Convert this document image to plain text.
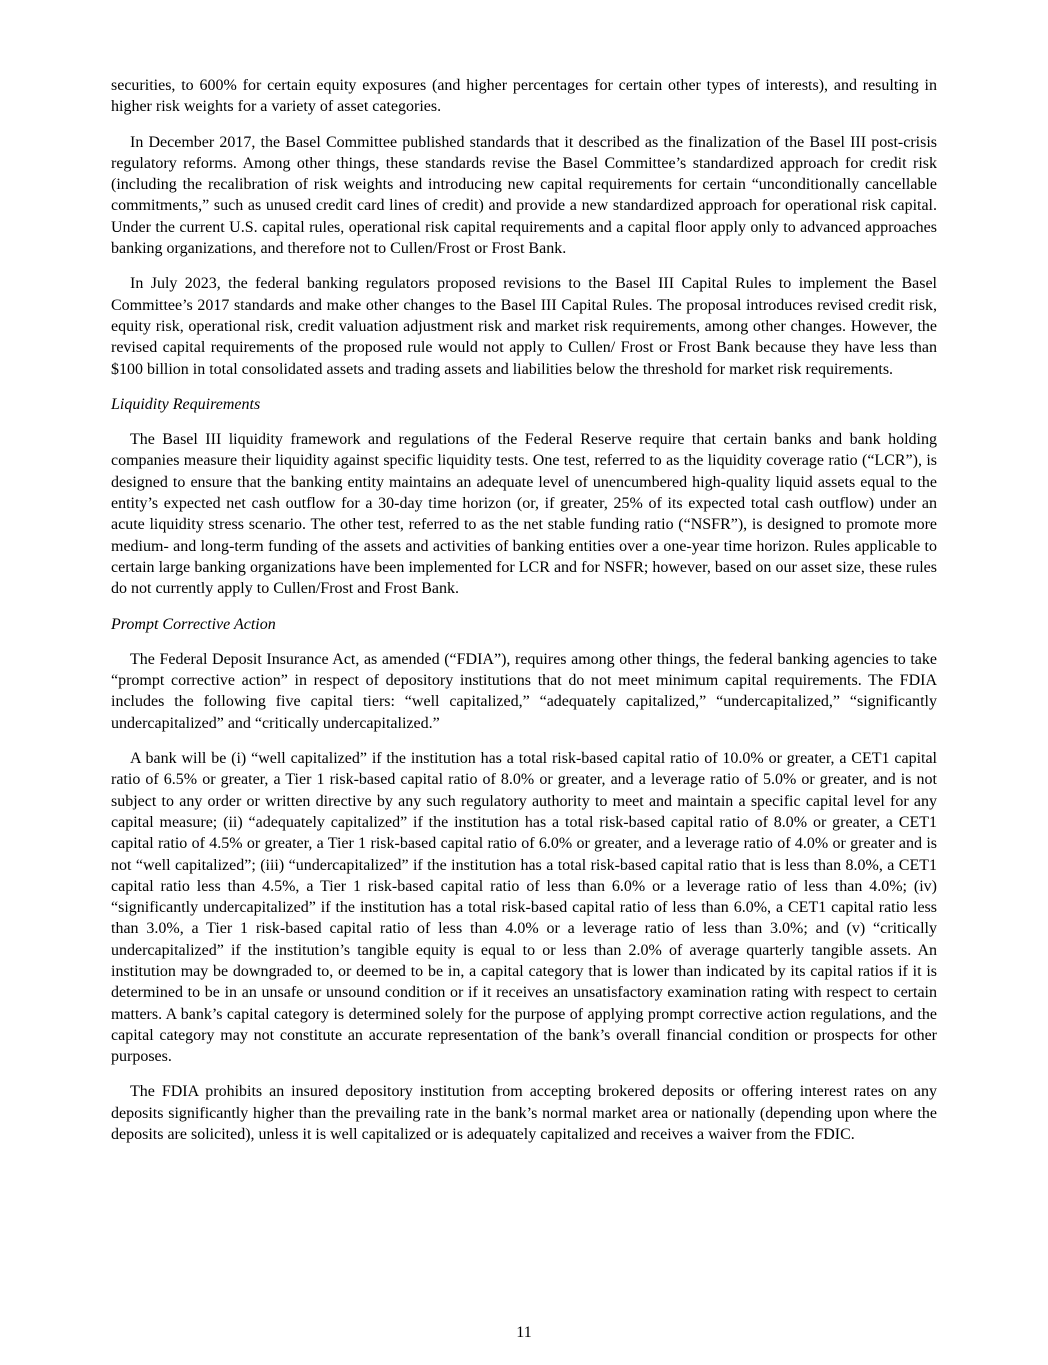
securities, to 600% for certain equity exposures (and higher percentages for certain other types of interests), and resulting in higher risk weights for a variety of asset categories.

In December 2017, the Basel Committee published standards that it described as the finalization of the Basel III post-crisis regulatory reforms. Among other things, these standards revise the Basel Committee’s standardized approach for credit risk (including the recalibration of risk weights and introducing new capital requirements for certain “unconditionally cancellable commitments,” such as unused credit card lines of credit) and provide a new standardized approach for operational risk capital. Under the current U.S. capital rules, operational risk capital requirements and a capital floor apply only to advanced approaches banking organizations, and therefore not to Cullen/Frost or Frost Bank.

In July 2023, the federal banking regulators proposed revisions to the Basel III Capital Rules to implement the Basel Committee’s 2017 standards and make other changes to the Basel III Capital Rules. The proposal introduces revised credit risk, equity risk, operational risk, credit valuation adjustment risk and market risk requirements, among other changes. However, the revised capital requirements of the proposed rule would not apply to Cullen/ Frost or Frost Bank because they have less than $100 billion in total consolidated assets and trading assets and liabilities below the threshold for market risk requirements.

Liquidity Requirements

The Basel III liquidity framework and regulations of the Federal Reserve require that certain banks and bank holding companies measure their liquidity against specific liquidity tests. One test, referred to as the liquidity coverage ratio (“LCR”), is designed to ensure that the banking entity maintains an adequate level of unencumbered high-quality liquid assets equal to the entity’s expected net cash outflow for a 30-day time horizon (or, if greater, 25% of its expected total cash outflow) under an acute liquidity stress scenario. The other test, referred to as the net stable funding ratio (“NSFR”), is designed to promote more medium- and long-term funding of the assets and activities of banking entities over a one-year time horizon. Rules applicable to certain large banking organizations have been implemented for LCR and for NSFR; however, based on our asset size, these rules do not currently apply to Cullen/Frost and Frost Bank.

Prompt Corrective Action

The Federal Deposit Insurance Act, as amended (“FDIA”), requires among other things, the federal banking agencies to take “prompt corrective action” in respect of depository institutions that do not meet minimum capital requirements. The FDIA includes the following five capital tiers: “well capitalized,” “adequately capitalized,” “undercapitalized,” “significantly undercapitalized” and “critically undercapitalized.”

A bank will be (i) “well capitalized” if the institution has a total risk-based capital ratio of 10.0% or greater, a CET1 capital ratio of 6.5% or greater, a Tier 1 risk-based capital ratio of 8.0% or greater, and a leverage ratio of 5.0% or greater, and is not subject to any order or written directive by any such regulatory authority to meet and maintain a specific capital level for any capital measure; (ii) “adequately capitalized” if the institution has a total risk-based capital ratio of 8.0% or greater, a CET1 capital ratio of 4.5% or greater, a Tier 1 risk-based capital ratio of 6.0% or greater, and a leverage ratio of 4.0% or greater and is not “well capitalized”; (iii) “undercapitalized” if the institution has a total risk-based capital ratio that is less than 8.0%, a CET1 capital ratio less than 4.5%, a Tier 1 risk-based capital ratio of less than 6.0% or a leverage ratio of less than 4.0%; (iv) “significantly undercapitalized” if the institution has a total risk-based capital ratio of less than 6.0%, a CET1 capital ratio less than 3.0%, a Tier 1 risk-based capital ratio of less than 4.0% or a leverage ratio of less than 3.0%; and (v) “critically undercapitalized” if the institution’s tangible equity is equal to or less than 2.0% of average quarterly tangible assets. An institution may be downgraded to, or deemed to be in, a capital category that is lower than indicated by its capital ratios if it is determined to be in an unsafe or unsound condition or if it receives an unsatisfactory examination rating with respect to certain matters. A bank’s capital category is determined solely for the purpose of applying prompt corrective action regulations, and the capital category may not constitute an accurate representation of the bank’s overall financial condition or prospects for other purposes.

The FDIA prohibits an insured depository institution from accepting brokered deposits or offering interest rates on any deposits significantly higher than the prevailing rate in the bank’s normal market area or nationally (depending upon where the deposits are solicited), unless it is well capitalized or is adequately capitalized and receives a waiver from the FDIC.

11
